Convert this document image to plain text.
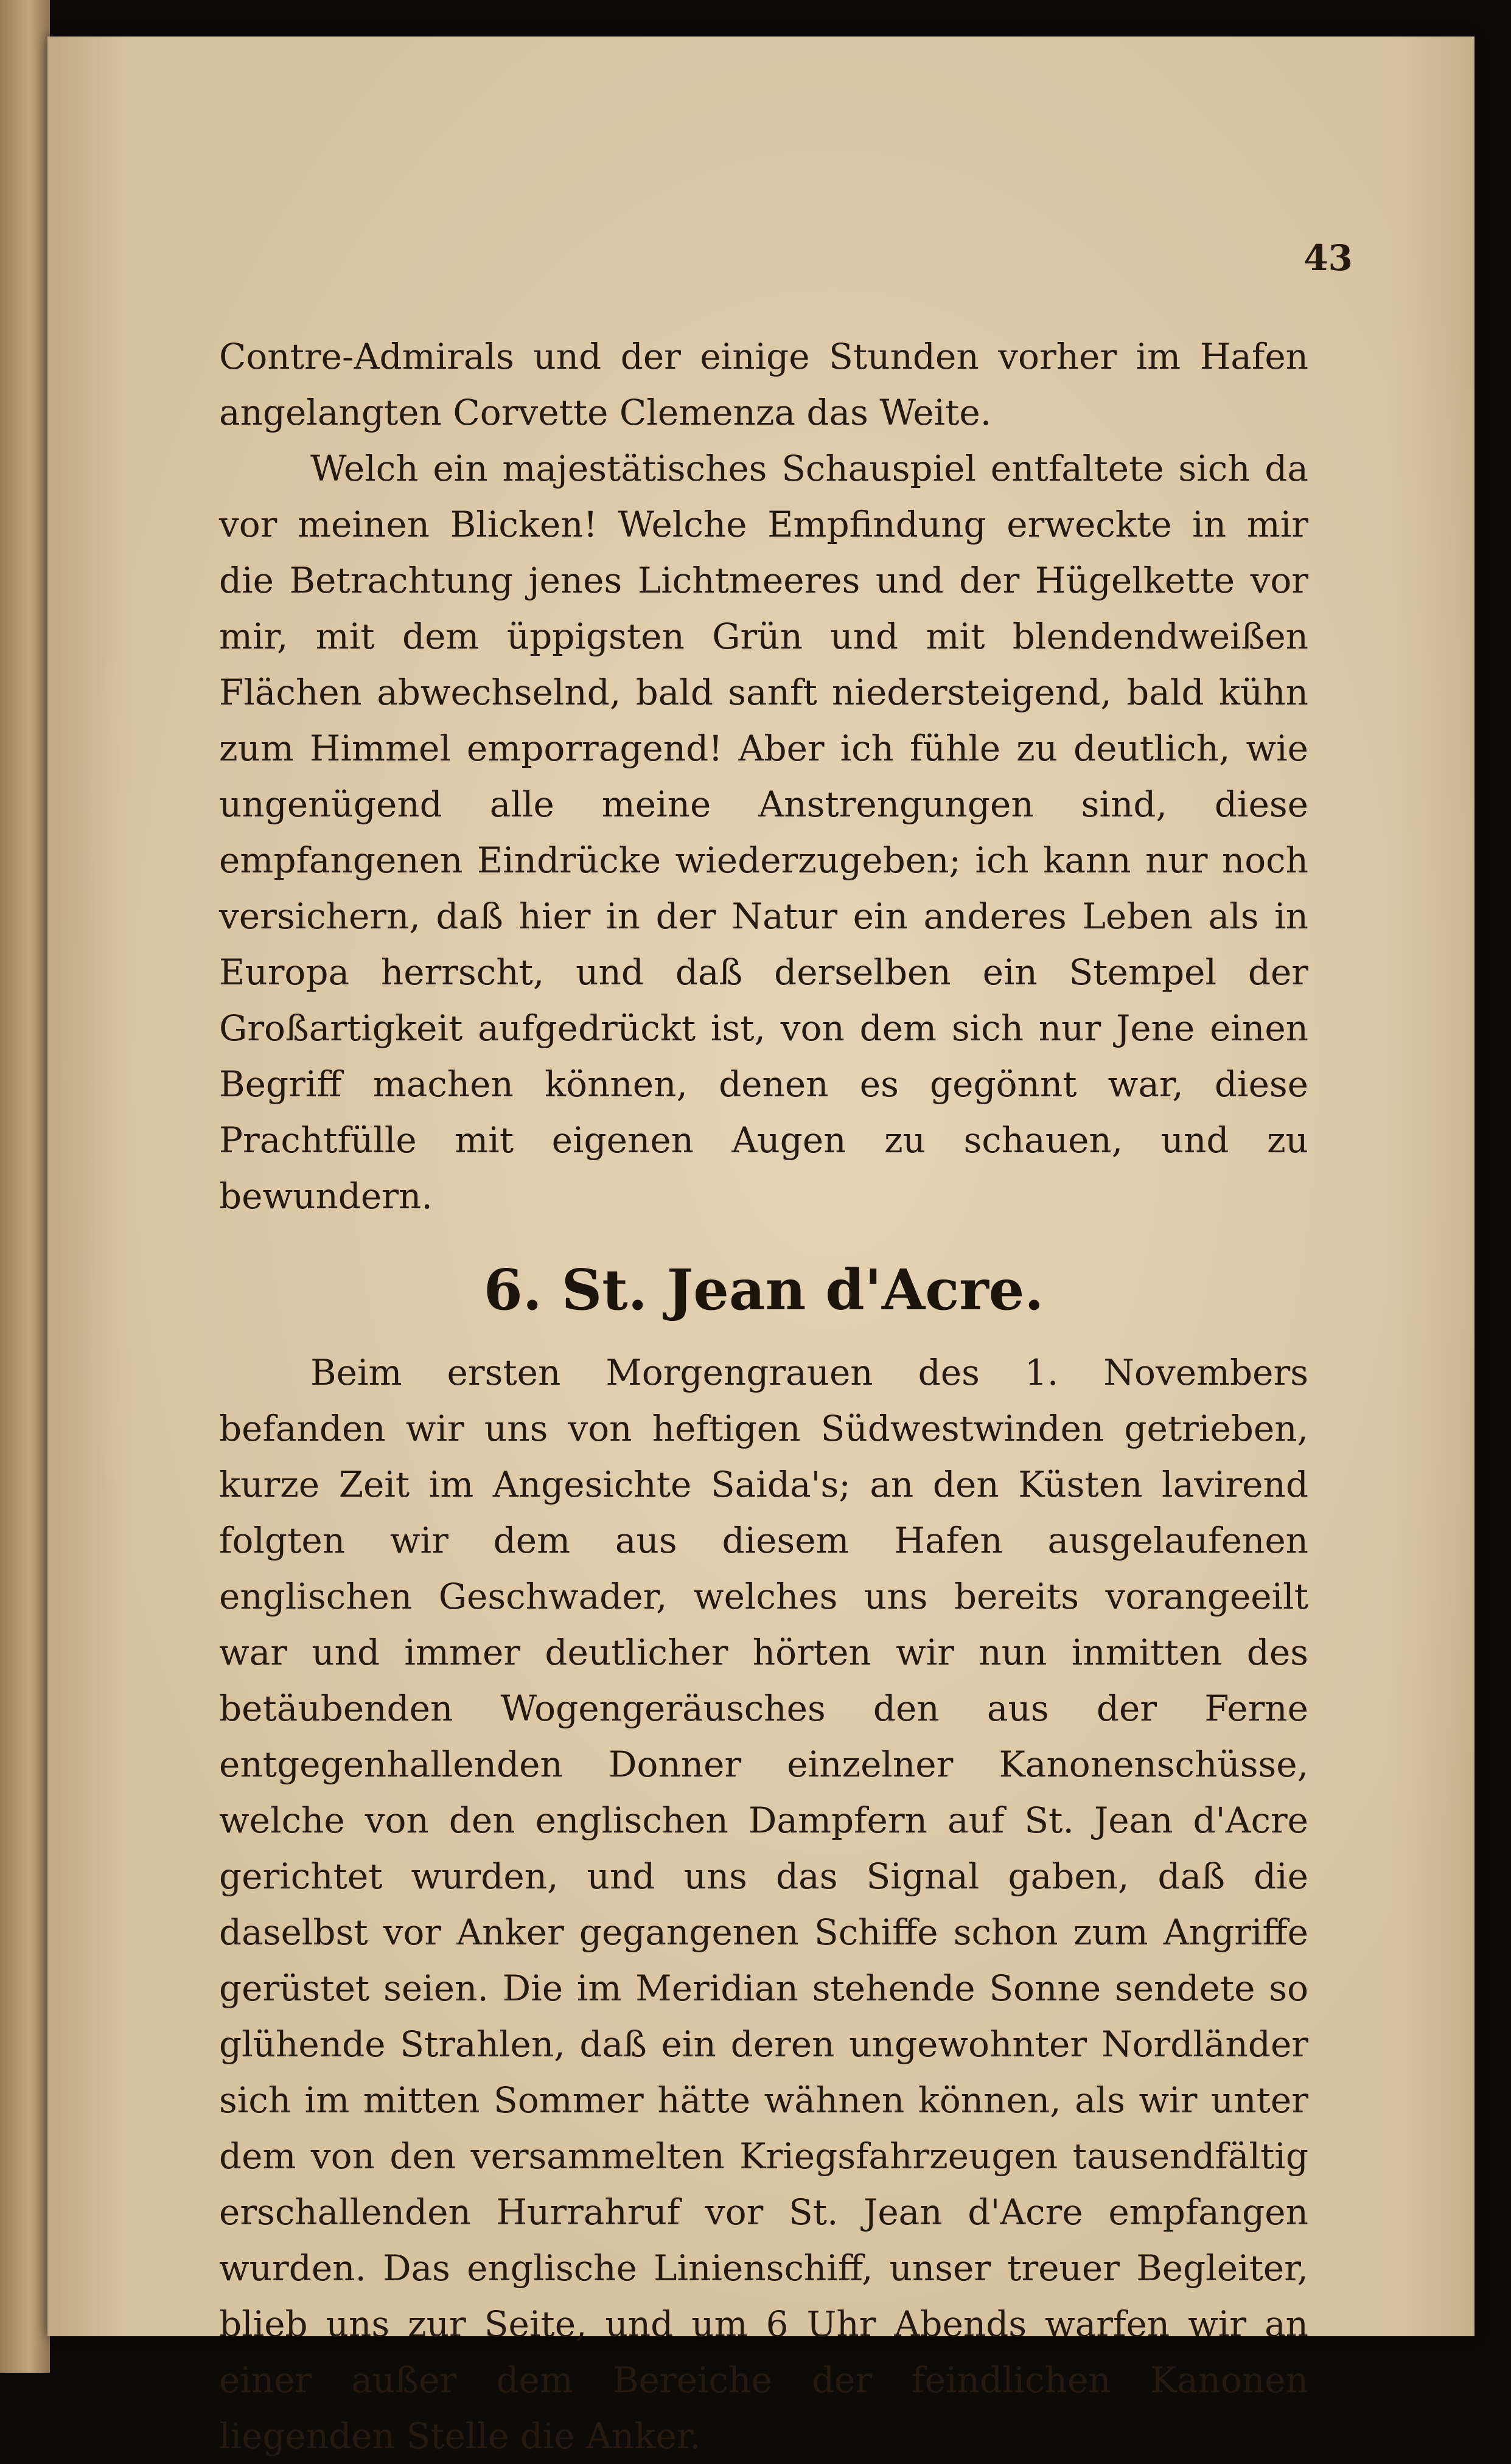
43

Contre-Admirals und der einige Stunden vorher im Hafen angelangten Corvette Clemenza das Weite.

Welch ein majestätisches Schauspiel entfaltete sich da vor meinen Blicken! Welche Empfindung erweckte in mir die Betrachtung jenes Lichtmeeres und der Hügelkette vor mir, mit dem üppigsten Grün und mit blendendweißen Flächen abwechselnd, bald sanft niedersteigend, bald kühn zum Himmel emporragend! Aber ich fühle zu deutlich, wie ungenügend alle meine Anstrengungen sind, diese empfangenen Eindrücke wiederzugeben; ich kann nur noch versichern, daß hier in der Natur ein anderes Leben als in Europa herrscht, und daß derselben ein Stempel der Großartigkeit aufgedrückt ist, von dem sich nur Jene einen Begriff machen können, denen es gegönnt war, diese Prachtfülle mit eigenen Augen zu schauen, und zu bewundern.

6. St. Jean d'Acre.

Beim ersten Morgengrauen des 1. Novembers befanden wir uns von heftigen Südwestwinden getrieben, kurze Zeit im Angesichte Saida's; an den Küsten lavirend folgten wir dem aus diesem Hafen ausgelaufenen englischen Geschwader, welches uns bereits vorangeeilt war und immer deutlicher hörten wir nun inmitten des betäubenden Wogengeräusches den aus der Ferne entgegenhallenden Donner einzelner Kanonenschüsse, welche von den englischen Dampfern auf St. Jean d'Acre gerichtet wurden, und uns das Signal gaben, daß die daselbst vor Anker gegangenen Schiffe schon zum Angriffe gerüstet seien. Die im Meridian stehende Sonne sendete so glühende Strahlen, daß ein deren ungewohnter Nordländer sich im mitten Sommer hätte wähnen können, als wir unter dem von den versammelten Kriegsfahrzeugen tausendfältig erschallenden Hurrahruf vor St. Jean d'Acre empfangen wurden. Das englische Linienschiff, unser treuer Begleiter, blieb uns zur Seite, und um 6 Uhr Abends warfen wir an einer außer dem Bereiche der feindlichen Kanonen liegenden Stelle die Anker.
